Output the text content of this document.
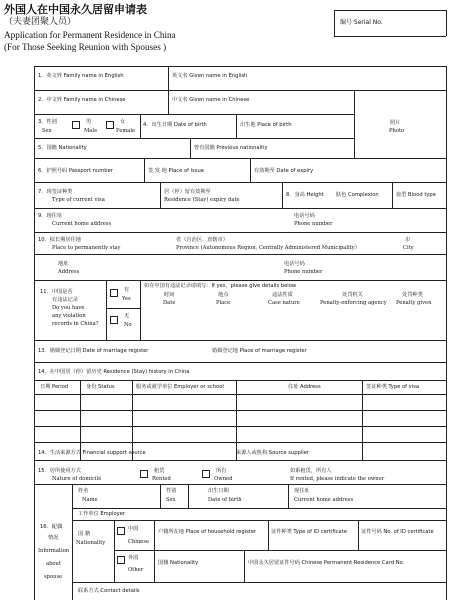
外国人在中国永久居留申请表
（夫妻团聚人员）
Application for Permanent Residence in China
(For Those Seeking Reunion with Spouses )
编号 Serial No.
1．英文姓 Family name in English	英文名 Given name in English
2．中文姓 Family name in Chinese	中文名 Given name in Chinese
照片
Photo
3．性别
Sex
男
Male
女
Female
4．出生日期 Date of birth	出生地 Place of birth
5．国籍 Nationality	曾有国籍 Previous nationality
6．护照号码 Passport number	签 发 地 Place of issue	有效期至 Date of expiry
7．现签证种类
Type of current visa
居（停）留有效期至
Residence (Stay) expiry date
8．身高 Height 肤色 Complexion	血型 Blood type
9．现住址
Current home address
电话号码
Phone number
10．拟长期居住地
Place to permanently stay
省（自治区、直辖市）
Province (Autonomous Region, Centrally Administered Municipality）
市
City
地址
Address
电话号码
Phone number
11．中国是否
有违法记录
Do you have
any violation
records in China?
有
Yes
无
No
如在中国有违法记录请填写：If yes，please give details below
时间
Date
地点
Place
违法性质
Case nature
处罚机关
Penalty-enforcing agency
处罚种类
Penalty given
13．婚姻登记日期 Date of marriage register	婚姻登记地 Place of marriage register
14．在中国居（停）留历史 Residence (Stay) history in China
日期 Period	身份 Status	服务或就学单位 Employer or school	住址 Address	签证种类 Type of visa
14．生活来源方式 Financial support source	来源人或机构 Source supplier
15．居所使用方式
Nature of domicile
租赁
Rented
所有
Owned
如系租赁，所有人
If rented, please indicate the owner
16．配偶
情况
Information
about
spouse
姓名
Name
性别
Sex
出生日期
Date of birth
现住址
Current home address
工作单位 Employer
国 籍
Nationality
中国
Chinese
户籍所在地 Place of household register	证件种类 Type of ID certificate	证件号码 No. of ID certificate
外国
Other
国籍 Nationality	中国永久居留证件号码 Chinese Permanent Residence Card No.
联系方式 Contact details
